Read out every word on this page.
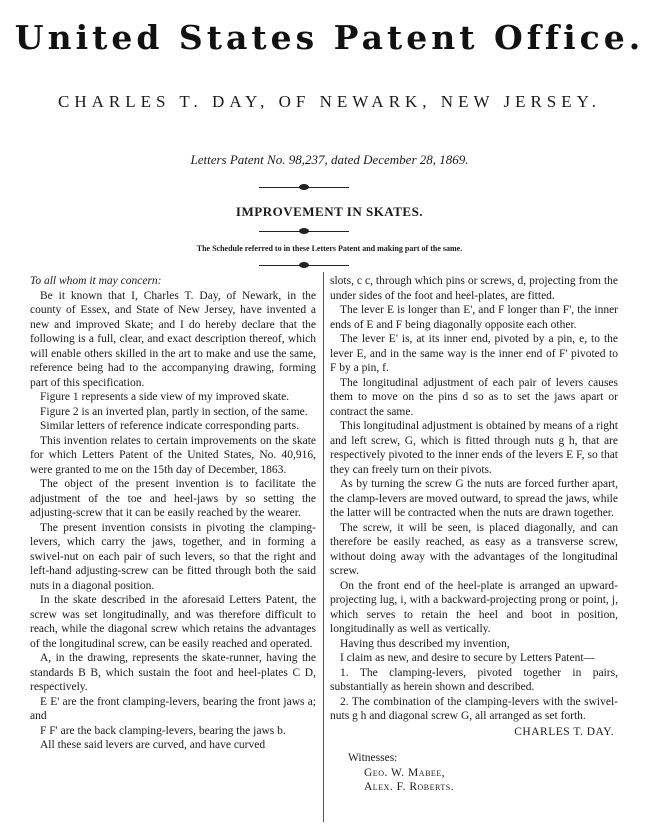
United States Patent Office.
CHARLES T. DAY, OF NEWARK, NEW JERSEY.
Letters Patent No. 98,237, dated December 28, 1869.
IMPROVEMENT IN SKATES.
The Schedule referred to in these Letters Patent and making part of the same.

To all whom it may concern:

Be it known that I, Charles T. Day, of Newark, in the county of Essex, and State of New Jersey, have invented a new and improved Skate; and I do hereby declare that the following is a full, clear, and exact description thereof, which will enable others skilled in the art to make and use the same, reference being had to the accompanying drawing, forming part of this specification.

Figure 1 represents a side view of my improved skate.

Figure 2 is an inverted plan, partly in section, of the same.

Similar letters of reference indicate corresponding parts.

This invention relates to certain improvements on the skate for which Letters Patent of the United States, No. 40,916, were granted to me on the 15th day of December, 1863.

The object of the present invention is to facilitate the adjustment of the toe and heel-jaws by so setting the adjusting-screw that it can be easily reached by the wearer.

The present invention consists in pivoting the clamping-levers, which carry the jaws, together, and in forming a swivel-nut on each pair of such levers, so that the right and left-hand adjusting-screw can be fitted through both the said nuts in a diagonal position.

In the skate described in the aforesaid Letters Patent, the screw was set longitudinally, and was therefore difficult to reach, while the diagonal screw which retains the advantages of the longitudinal screw, can be easily reached and operated.

A, in the drawing, represents the skate-runner, having the standards B B, which sustain the foot and heel-plates C D, respectively.

E E' are the front clamping-levers, bearing the front jaws a; and

F F' are the back clamping-levers, bearing the jaws b.

All these said levers are curved, and have curved

slots, c c, through which pins or screws, d, projecting from the under sides of the foot and heel-plates, are fitted.

The lever E is longer than E', and F longer than F', the inner ends of E and F being diagonally opposite each other.

The lever E' is, at its inner end, pivoted by a pin, e, to the lever E, and in the same way is the inner end of F' pivoted to F by a pin, f.

The longitudinal adjustment of each pair of levers causes them to move on the pins d so as to set the jaws apart or contract the same.

This longitudinal adjustment is obtained by means of a right and left screw, G, which is fitted through nuts g h, that are respectively pivoted to the inner ends of the levers E F, so that they can freely turn on their pivots.

As by turning the screw G the nuts are forced further apart, the clamp-levers are moved outward, to spread the jaws, while the latter will be contracted when the nuts are drawn together.

The screw, it will be seen, is placed diagonally, and can therefore be easily reached, as easy as a transverse screw, without doing away with the advantages of the longitudinal screw.

On the front end of the heel-plate is arranged an upward-projecting lug, i, with a backward-projecting prong or point, j, which serves to retain the heel and boot in position, longitudinally as well as vertically.

Having thus described my invention,

I claim as new, and desire to secure by Letters Patent—

1. The clamping-levers, pivoted together in pairs, substantially as herein shown and described.

2. The combination of the clamping-levers with the swivel-nuts g h and diagonal screw G, all arranged as set forth.

CHARLES T. DAY.
Witnesses:
Geo. W. Mabee,
Alex. F. Roberts.
